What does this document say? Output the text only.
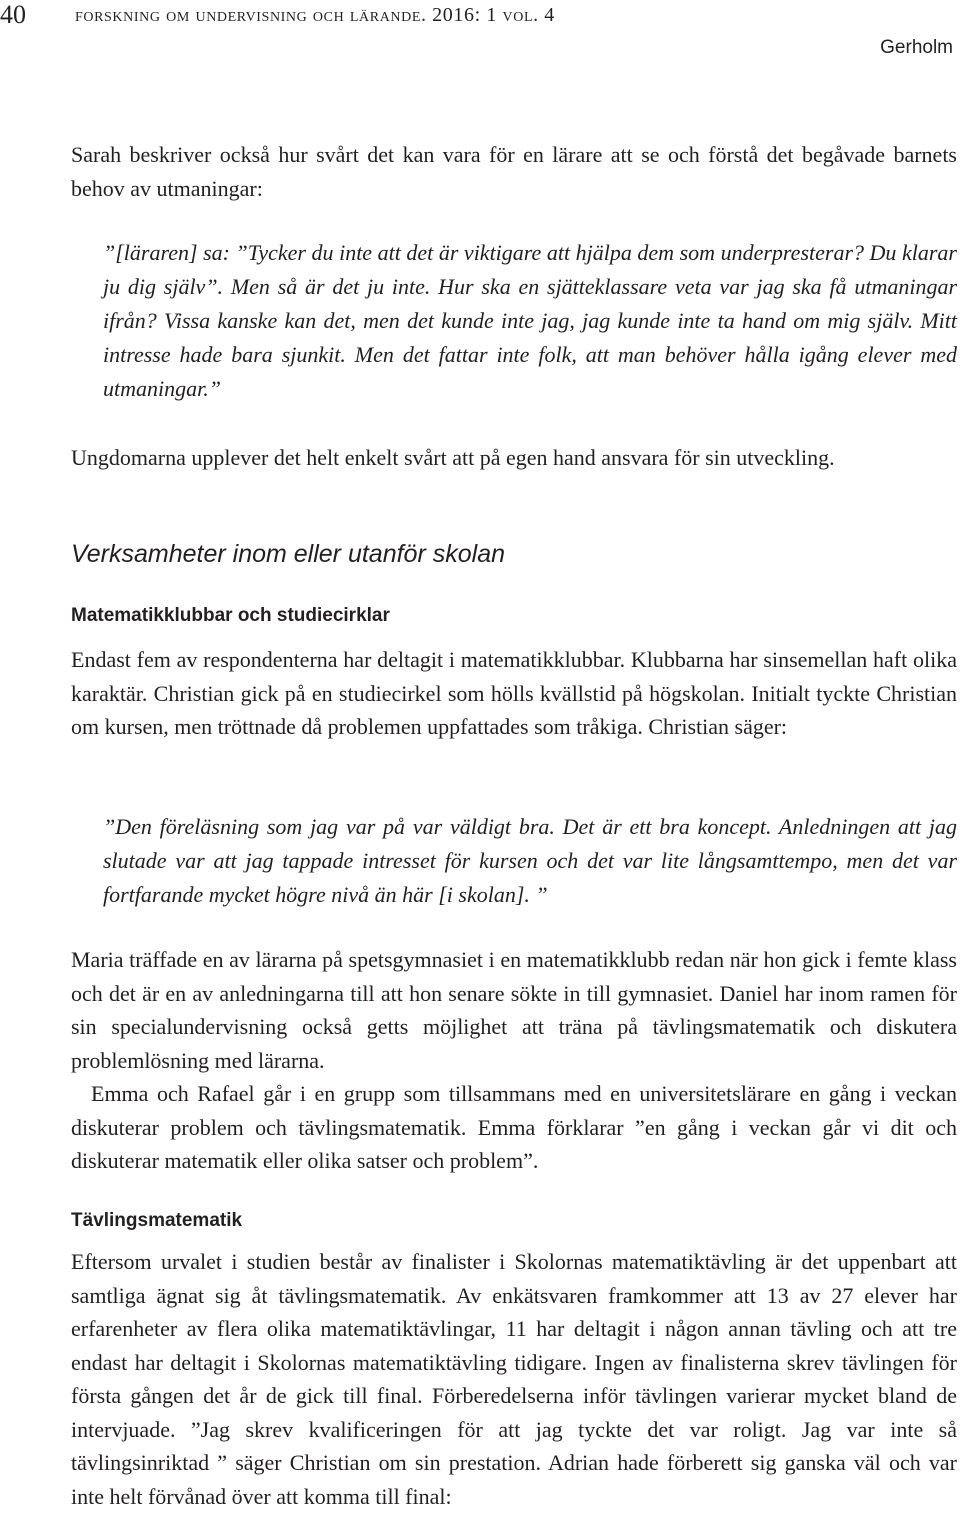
40 forskning om undervisning och lärande. 2016: 1 vol. 4
Gerholm

Sarah beskriver också hur svårt det kan vara för en lärare att se och förstå det begåvade barnets behov av utmaningar:

”[läraren] sa: ”Tycker du inte att det är viktigare att hjälpa dem som underpresterar? Du klarar ju dig själv”. Men så är det ju inte. Hur ska en sjätteklassare veta var jag ska få utmaningar ifrån? Vissa kanske kan det, men det kunde inte jag, jag kunde inte ta hand om mig själv. Mitt intresse hade bara sjunkit. Men det fattar inte folk, att man behöver hålla igång elever med utmaningar.”

Ungdomarna upplever det helt enkelt svårt att på egen hand ansvara för sin utveckling.

Verksamheter inom eller utanför skolan
Matematikklubbar och studiecirklar

Endast fem av respondenterna har deltagit i matematikklubbar. Klubbarna har sinsemellan haft olika karaktär. Christian gick på en studiecirkel som hölls kvällstid på högskolan. Initialt tyckte Christian om kursen, men tröttnade då problemen uppfattades som tråkiga. Christian säger:

”Den föreläsning som jag var på var väldigt bra. Det är ett bra koncept. Anledningen att jag slutade var att jag tappade intresset för kursen och det var lite långsamttempo, men det var fortfarande mycket högre nivå än här [i skolan]. ”

Maria träffade en av lärarna på spetsgymnasiet i en matematikklubb redan när hon gick i femte klass och det är en av anledningarna till att hon senare sökte in till gymnasiet. Daniel har inom ramen för sin specialundervisning också getts möjlighet att träna på tävlingsmatematik och diskutera problemlösning med lärarna.

Emma och Rafael går i en grupp som tillsammans med en universitetslärare en gång i veckan diskuterar problem och tävlingsmatematik. Emma förklarar ”en gång i veckan går vi dit och diskuterar matematik eller olika satser och problem”.

Tävlingsmatematik

Eftersom urvalet i studien består av finalister i Skolornas matematiktävling är det uppenbart att samtliga ägnat sig åt tävlingsmatematik. Av enkätsvaren framkommer att 13 av 27 elever har erfarenheter av flera olika matematiktävlingar, 11 har deltagit i någon annan tävling och att tre endast har deltagit i Skolornas matematiktävling tidigare. Ingen av finalisterna skrev tävlingen för första gången det år de gick till final. Förberedelserna inför tävlingen varierar mycket bland de intervjuade. ”Jag skrev kvalificeringen för att jag tyckte det var roligt. Jag var inte så tävlingsinriktad ” säger Christian om sin prestation. Adrian hade förberett sig ganska väl och var inte helt förvånad över att komma till final:
